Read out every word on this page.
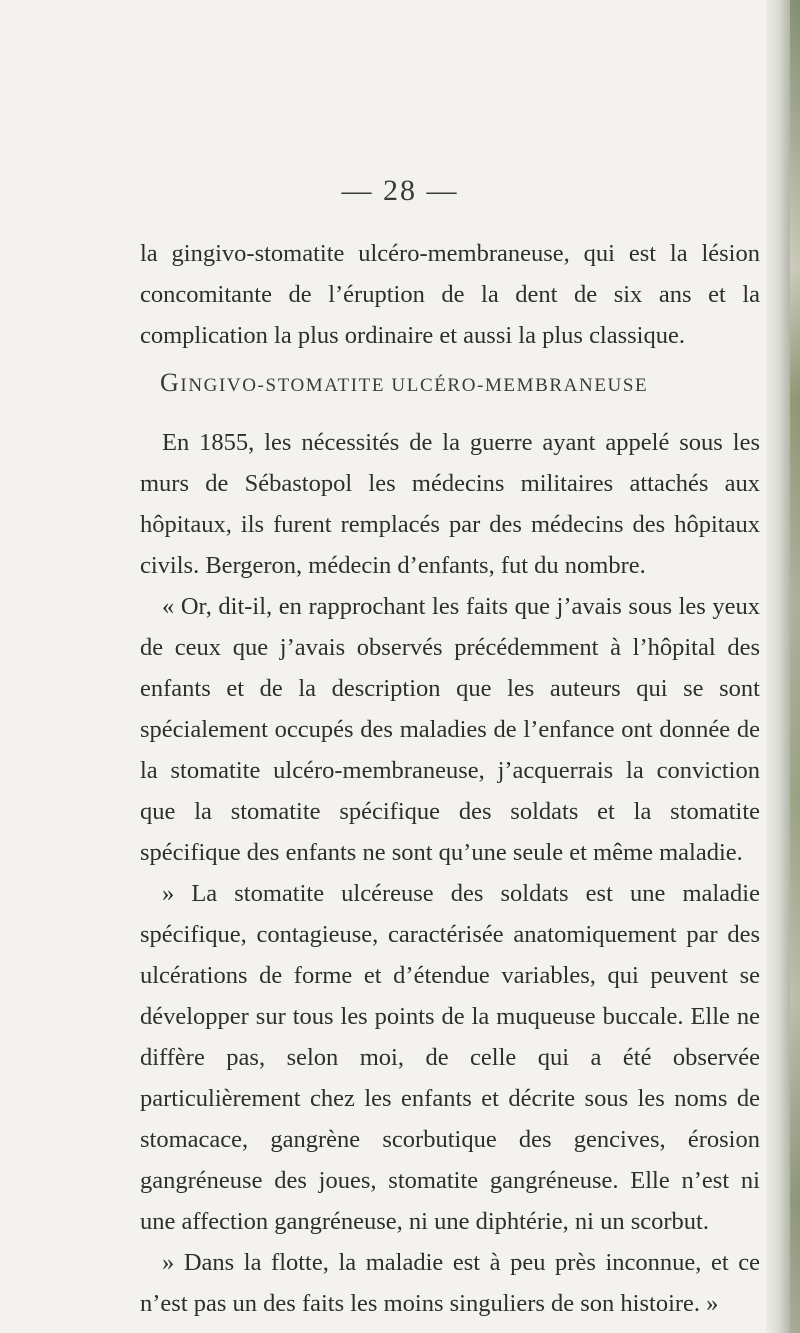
— 28 —

la gingivo-stomatite ulcéro-membraneuse, qui est la lésion concomitante de l’éruption de la dent de six ans et la complication la plus ordinaire et aussi la plus classique.

GINGIVO-STOMATITE ULCÉRO-MEMBRANEUSE

En 1855, les nécessités de la guerre ayant appelé sous les murs de Sébastopol les médecins militaires attachés aux hôpitaux, ils furent remplacés par des médecins des hôpitaux civils. Bergeron, médecin d’enfants, fut du nombre.

« Or, dit-il, en rapprochant les faits que j’avais sous les yeux de ceux que j’avais observés précédemment à l’hôpital des enfants et de la description que les auteurs qui se sont spécialement occupés des maladies de l’enfance ont donnée de la stomatite ulcéro-membraneuse, j’acquerrais la conviction que la stomatite spécifique des soldats et la stomatite spécifique des enfants ne sont qu’une seule et même maladie.

» La stomatite ulcéreuse des soldats est une maladie spécifique, contagieuse, caractérisée anatomiquement par des ulcérations de forme et d’étendue variables, qui peuvent se développer sur tous les points de la muqueuse buccale. Elle ne diffère pas, selon moi, de celle qui a été observée particulièrement chez les enfants et décrite sous les noms de stomacace, gangrène scorbutique des gencives, érosion gangréneuse des joues, stomatite gangréneuse. Elle n’est ni une affection gangréneuse, ni une diphtérie, ni un scorbut.

» Dans la flotte, la maladie est à peu près inconnue, et ce n’est pas un des faits les moins singuliers de son histoire. »
